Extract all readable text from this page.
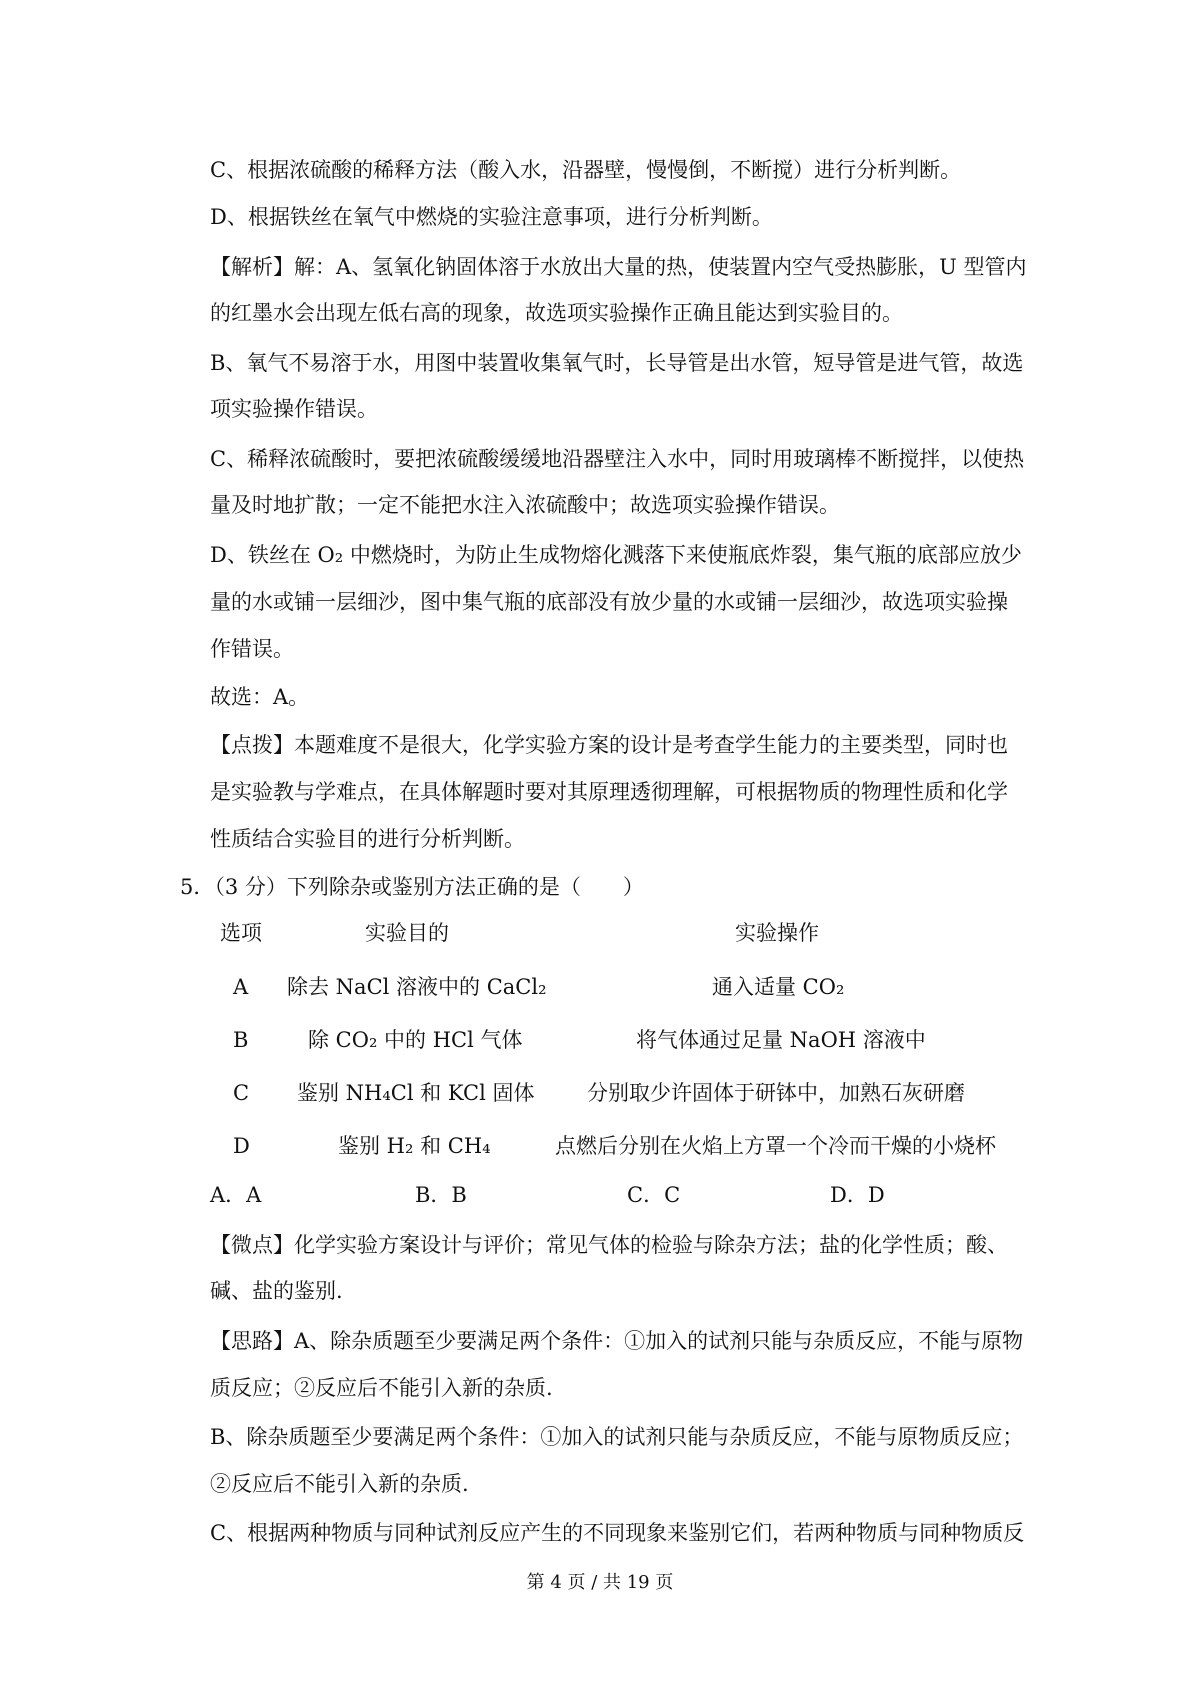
C、根据浓硫酸的稀释方法（酸入水，沿器壁，慢慢倒，不断搅）进行分析判断。
D、根据铁丝在氧气中燃烧的实验注意事项，进行分析判断。
【解析】解：A、氢氧化钠固体溶于水放出大量的热，使装置内空气受热膨胀，U 型管内
的红墨水会出现左低右高的现象，故选项实验操作正确且能达到实验目的。
B、氧气不易溶于水，用图中装置收集氧气时，长导管是出水管，短导管是进气管，故选
项实验操作错误。
C、稀释浓硫酸时，要把浓硫酸缓缓地沿器壁注入水中，同时用玻璃棒不断搅拌，以使热
量及时地扩散；一定不能把水注入浓硫酸中；故选项实验操作错误。
D、铁丝在 O₂ 中燃烧时，为防止生成物熔化溅落下来使瓶底炸裂，集气瓶的底部应放少
量的水或铺一层细沙，图中集气瓶的底部没有放少量的水或铺一层细沙，故选项实验操
作错误。
故选：A。
【点拨】本题难度不是很大，化学实验方案的设计是考查学生能力的主要类型，同时也
是实验教与学难点，在具体解题时要对其原理透彻理解，可根据物质的物理性质和化学
性质结合实验目的进行分析判断。
5．（3 分）下列除杂或鉴别方法正确的是（　　）
选项	实验目的	实验操作
A 除去 NaCl 溶液中的 CaCl₂	通入适量 CO₂
B	除 CO₂ 中的 HCl 气体	将气体通过足量 NaOH 溶液中
C 鉴别 NH₄Cl 和 KCl 固体 分别取少许固体于研钵中，加熟石灰研磨
D	鉴别 H₂ 和 CH₄	点燃后分别在火焰上方罩一个冷而干燥的小烧杯
A．A	B．B	C．C	D．D
【微点】化学实验方案设计与评价；常见气体的检验与除杂方法；盐的化学性质；酸、
碱、盐的鉴别.
【思路】A、除杂质题至少要满足两个条件：①加入的试剂只能与杂质反应，不能与原物
质反应；②反应后不能引入新的杂质.
B、除杂质题至少要满足两个条件：①加入的试剂只能与杂质反应，不能与原物质反应；
②反应后不能引入新的杂质.
C、根据两种物质与同种试剂反应产生的不同现象来鉴别它们，若两种物质与同种物质反
第 4 页 / 共 19 页
